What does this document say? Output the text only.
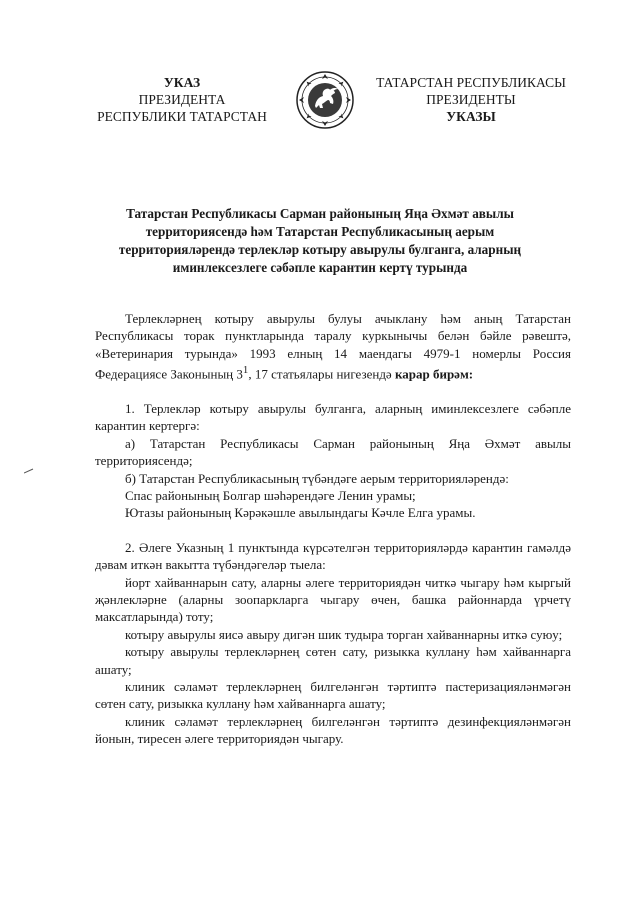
УКАЗ
ПРЕЗИДЕНТА
РЕСПУБЛИКИ ТАТАРСТАН
ТАТАРСТАН РЕСПУБЛИКАСЫ
ПРЕЗИДЕНТЫ
УКАЗЫ
Татарстан Республикасы Сарман районының Яңа Әхмәт авылы
территориясендә һәм Татарстан Республикасының аерым
территорияләрендә терлекләр котыру авырулы булганга, аларның
иминлексезлеге сәбәпле карантин кертү турында

Терлекләрнең котыру авырулы булуы ачыклану һәм аның Татарстан Республикасы торак пунктларында таралу куркынычы белән бәйле рәвештә, «Ветеринария турында» 1993 елның 14 маендагы 4979-1 номерлы Россия Федерациясе Законының $3^1$, 17 статьялары нигезендә карар бирәм:

1. Терлекләр котыру авырулы булганга, аларның иминлексезлеге сәбәпле карантин кертергә:

а) Татарстан Республикасы Сарман районының Яңа Әхмәт авылы территориясендә;

б) Татарстан Республикасының түбәндәге аерым территорияләрендә:

Спас районының Болгар шәһәрендәге Ленин урамы;

Ютазы районының Кәрәкәшле авылындагы Кәчле Елга урамы.

2. Әлеге Указның 1 пунктында күрсәтелгән территорияләрдә карантин гамәлдә дәвам иткән вакытта түбәндәгеләр тыела:

йорт хайваннарын сату, аларны әлеге территориядән читкә чыгару һәм кыргый җәнлекләрне (аларны зоопаркларга чыгару өчен, башка районнарда үрчетү максатларында) тоту;

котыру авырулы яисә авыру дигән шик тудыра торган хайваннарны иткә суюу;

котыру авырулы терлекләрнең сөтен сату, ризыкка куллану һәм хайваннарга ашату;

клиник сәламәт терлекләрнең билгеләнгән тәртиптә пастеризацияләнмәгән сөтен сату, ризыкка куллану һәм хайваннарга ашату;

клиник сәламәт терлекләрнең билгеләнгән тәртиптә дезинфекцияләнмәгән йонын, тиресен әлеге территориядән чыгару.
